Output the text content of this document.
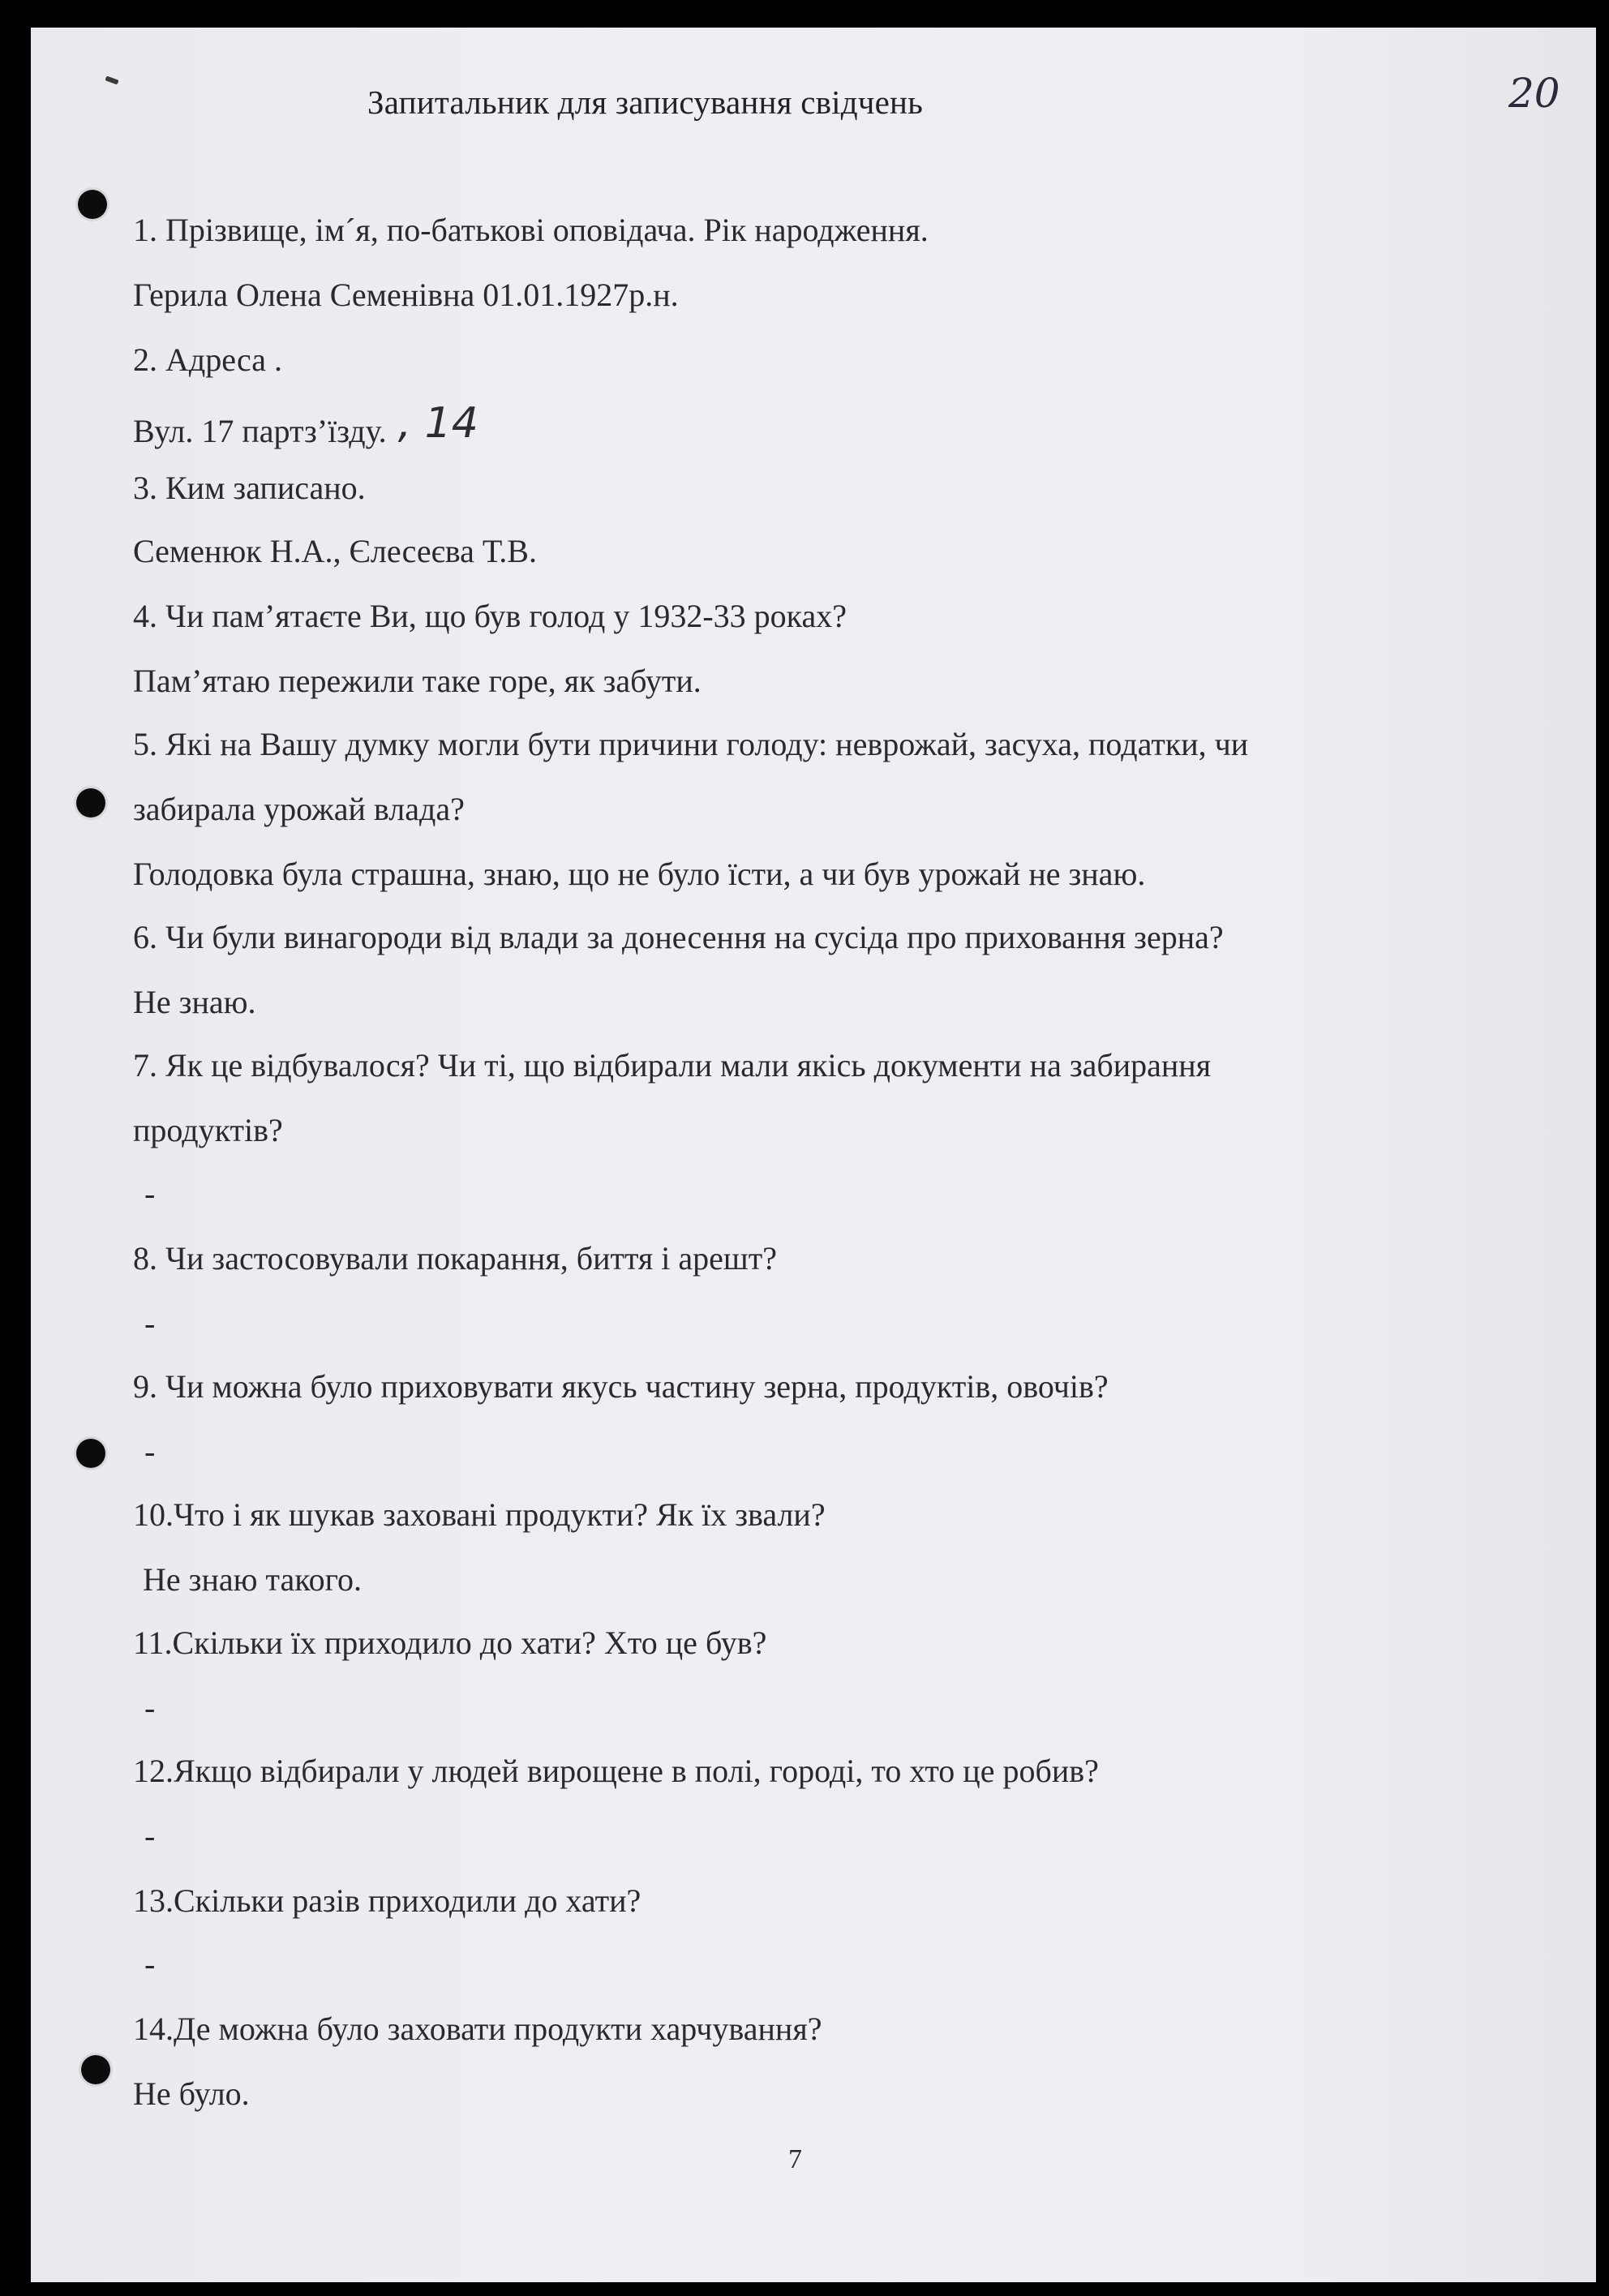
Запитальник для записування свідчень	20
1. Прізвище, ім´я, по-батькові оповідача. Рік народження.
Герила Олена Семенівна 01.01.1927р.н.
2. Адреса .
Вул. 17 партз’їзду. , 14
3. Ким записано.
Семенюк Н.А., Єлесеєва Т.В.
4. Чи пам’ятаєте Ви, що був голод у 1932-33 роках?
Пам’ятаю пережили таке горе, як забути.
5. Які на Вашу думку могли бути причини голоду: неврожай, засуха, податки, чи
забирала урожай влада?
Голодовка була страшна, знаю, що не було їсти, а чи був урожай не знаю.
6. Чи були винагороди від влади за донесення на сусіда про приховання зерна?
Не знаю.
7. Як це відбувалося? Чи ті, що відбирали мали якісь документи на забирання
продуктів?
-
8. Чи застосовували покарання, биття і арешт?
-
9. Чи можна було приховувати якусь частину зерна, продуктів, овочів?
-
10.Что і як шукав заховані продукти? Як їх звали?
Не знаю такого.
11.Скільки їх приходило до хати? Хто це був?
-
12.Якщо відбирали у людей вирощене в полі, городі, то хто це робив?
-
13.Скільки разів приходили до хати?
-
14.Де можна було заховати продукти харчування?
Не було.
7
